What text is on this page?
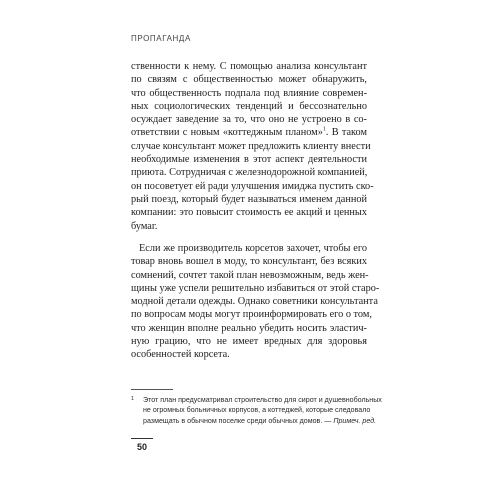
ПРОПАГАНДА
ственности к нему. С помощью анализа консультант
по связям с общественностью может обнаружить,
что общественность подпала под влияние современ-
ных социологических тенденций и бессознательно
осуждает заведение за то, что оно не устроено в со-
ответствии с новым «коттеджным планом»$^1$. В таком
случае консультант может предложить клиенту внести
необходимые изменения в этот аспект деятельности
приюта. Сотрудничая с железнодорожной компанией,
он посоветует ей ради улучшения имиджа пустить ско-
рый поезд, который будет называться именем данной
компании: это повысит стоимость ее акций и ценных
бумаг.
Если же производитель корсетов захочет, чтобы его
товар вновь вошел в моду, то консультант, без всяких
сомнений, сочтет такой план невозможным, ведь жен-
щины уже успели решительно избавиться от этой старо-
модной детали одежды. Однако советники консультанта
по вопросам моды могут проинформировать его о том,
что женщин вполне реально убедить носить эластич-
ную грацию, что не имеет вредных для здоровья
особенностей корсета.
1 Этот план предусматривал строительство для сирот и душевнобольных
не огромных больничных корпусов, а коттеджей, которые следовало
размещать в обычном поселке среди обычных домов. — Примеч. ред.
50
